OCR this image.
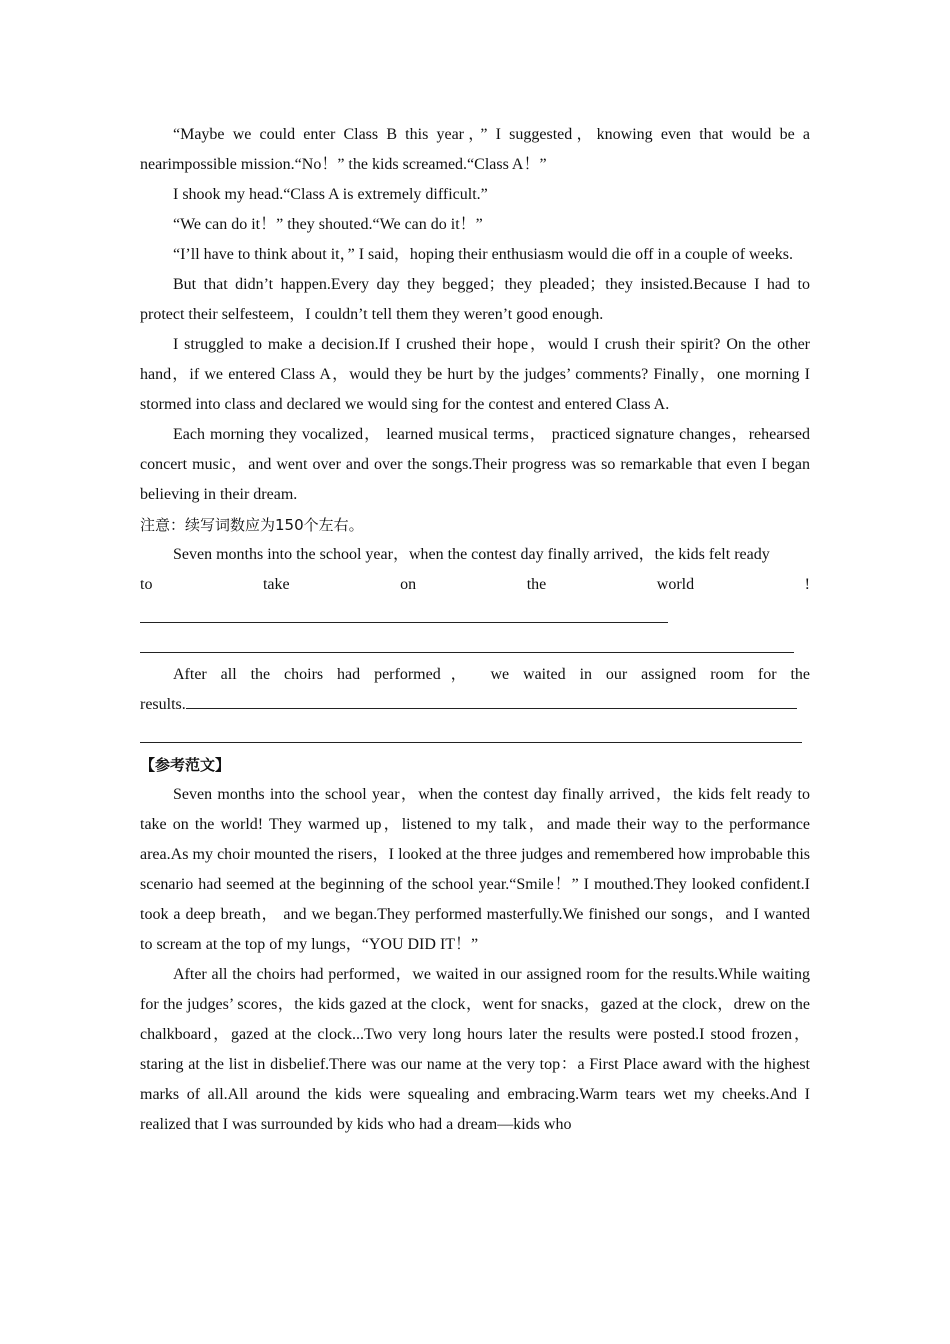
“Maybe we could enter Class B this year，” I suggested，knowing even that would be a nearimpossible mission.“No！” the kids screamed.“Class A！”

I shook my head.“Class A is extremely difficult.”

“We can do it！” they shouted.“We can do it！”

“I’ll have to think about it，” I said，hoping their enthusiasm would die off in a couple of weeks.

But that didn’t happen.Every day they begged；they pleaded；they insisted.Because I had to protect their selfesteem，I couldn’t tell them they weren’t good enough.

I struggled to make a decision.If I crushed their hope，would I crush their spirit? On the other hand，if we entered Class A，would they be hurt by the judges’ comments? Finally，one morning I stormed into class and declared we would sing for the contest and entered Class A.

Each morning they vocalized， learned musical terms， practiced signature changes，rehearsed concert music，and went over and over the songs.Their progress was so remarkable that even I began believing in their dream.

注意：续写词数应为150个左右。

Seven months into the school year，when the contest day finally arrived，the kids felt ready

to	take	on	the	world	!

After all the choirs had performed， we waited in our assigned room for the

results.

【参考范文】

Seven months into the school year，when the contest day finally arrived，the kids felt ready to take on the world! They warmed up，listened to my talk，and made their way to the performance area.As my choir mounted the risers，I looked at the three judges and remembered how improbable this scenario had seemed at the beginning of the school year.“Smile！” I mouthed.They looked confident.I took a deep breath， and we began.They performed masterfully.We finished our songs，and I wanted to scream at the top of my lungs，“YOU DID IT！”

After all the choirs had performed，we waited in our assigned room for the results.While waiting for the judges’ scores，the kids gazed at the clock，went for snacks，gazed at the clock，drew on the chalkboard，gazed at the clock...Two very long hours later the results were posted.I stood frozen，staring at the list in disbelief.There was our name at the very top：a First Place award with the highest marks of all.All around the kids were squealing and embracing.Warm tears wet my cheeks.And I realized that I was surrounded by kids who had a dream—kids who
